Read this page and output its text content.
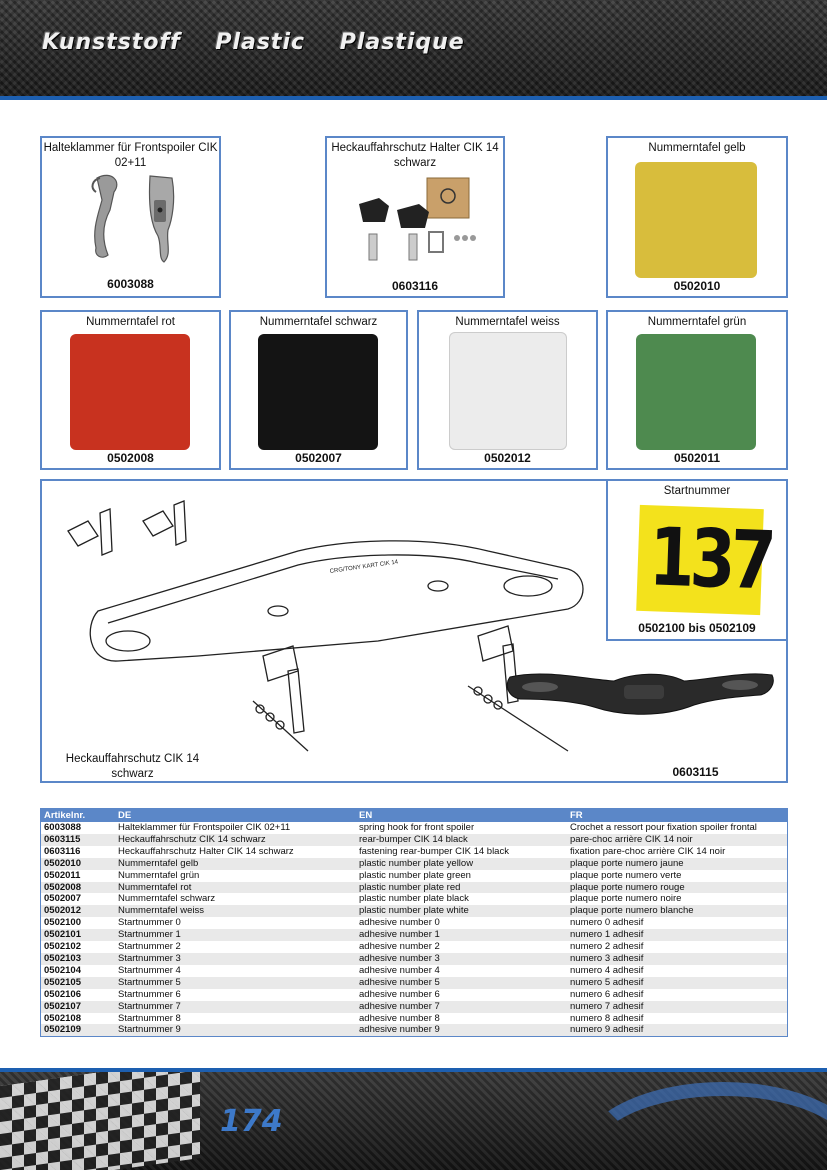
Kunststoff Plastic Plastique
Halteklammer für Frontspoiler CIK 02+11
6003088
Heckauffahrschutz Halter CIK 14 schwarz
0603116
Nummerntafel gelb
0502010
Nummerntafel rot
0502008
Nummerntafel schwarz
0502007
Nummerntafel weiss
0502012
Nummerntafel grün
0502011
CRG/TONY KART CIK 14
Heckauffahrschutz CIK 14 schwarz	0603115
Startnummer
137
0502100 bis 0502109
Artikelnr.	DE	EN	FR
6003088	Halteklammer für Frontspoiler CIK 02+11	spring hook for front spoiler	Crochet a ressort pour fixation spoiler frontal
0603115	Heckauffahrschutz CIK 14 schwarz	rear-bumper CIK 14 black	pare-choc arrière CIK 14 noir
0603116	Heckauffahrschutz Halter CIK 14 schwarz	fastening rear-bumper CIK 14 black	fixation pare-choc arrière CIK 14 noir
0502010	Nummerntafel gelb	plastic number plate yellow	plaque porte numero jaune
0502011	Nummerntafel grün	plastic number plate green	plaque porte numero verte
0502008	Nummerntafel rot	plastic number plate red	plaque porte numero rouge
0502007	Nummerntafel schwarz	plastic number plate black	plaque porte numero noire
0502012	Nummerntafel weiss	plastic number plate white	plaque porte numero blanche
0502100	Startnummer 0	adhesive number 0	numero 0 adhesif
0502101	Startnummer 1	adhesive number 1	numero 1 adhesif
0502102	Startnummer 2	adhesive number 2	numero 2 adhesif
0502103	Startnummer 3	adhesive number 3	numero 3 adhesif
0502104	Startnummer 4	adhesive number 4	numero 4 adhesif
0502105	Startnummer 5	adhesive number 5	numero 5 adhesif
0502106	Startnummer 6	adhesive number 6	numero 6 adhesif
0502107	Startnummer 7	adhesive number 7	numero 7 adhesif
0502108	Startnummer 8	adhesive number 8	numero 8 adhesif
0502109	Startnummer 9	adhesive number 9	numero 9 adhesif
174
